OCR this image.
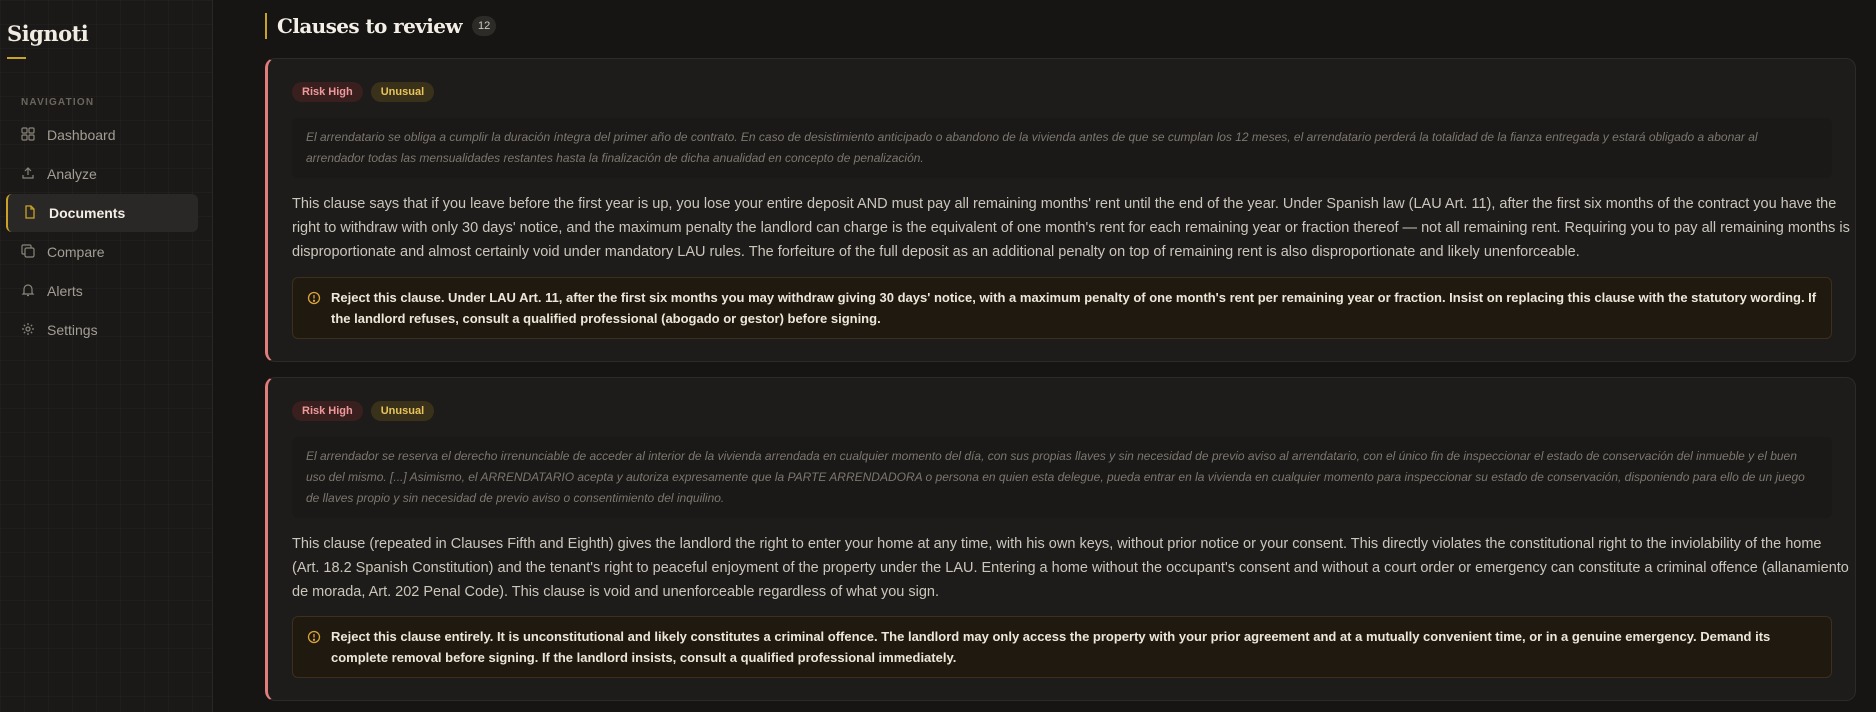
Signoti
NAVIGATION
Dashboard
Analyze
Documents
Compare
Alerts
Settings
Clauses to review	12
Risk High	Unusual
El arrendatario se obliga a cumplir la duración íntegra del primer año de contrato. En caso de desistimiento anticipado o abandono de la vivienda antes de que se cumplan los 12 meses, el arrendatario perderá la totalidad de la fianza entregada y estará obligado a abonar al arrendador todas las mensualidades restantes hasta la finalización de dicha anualidad en concepto de penalización.
This clause says that if you leave before the first year is up, you lose your entire deposit AND must pay all remaining months' rent until the end of the year. Under Spanish law (LAU Art. 11), after the first six months of the contract you have the right to withdraw with only 30 days' notice, and the maximum penalty the landlord can charge is the equivalent of one month's rent for each remaining year or fraction thereof — not all remaining rent. Requiring you to pay all remaining months is disproportionate and almost certainly void under mandatory LAU rules. The forfeiture of the full deposit as an additional penalty on top of remaining rent is also disproportionate and likely unenforceable.
Reject this clause. Under LAU Art. 11, after the first six months you may withdraw giving 30 days' notice, with a maximum penalty of one month's rent per remaining year or fraction. Insist on replacing this clause with the statutory wording. If the landlord refuses, consult a qualified professional (abogado or gestor) before signing.
Risk High	Unusual
El arrendador se reserva el derecho irrenunciable de acceder al interior de la vivienda arrendada en cualquier momento del día, con sus propias llaves y sin necesidad de previo aviso al arrendatario, con el único fin de inspeccionar el estado de conservación del inmueble y el buen uso del mismo. [...] Asimismo, el ARRENDATARIO acepta y autoriza expresamente que la PARTE ARRENDADORA o persona en quien esta delegue, pueda entrar en la vivienda en cualquier momento para inspeccionar su estado de conservación, disponiendo para ello de un juego de llaves propio y sin necesidad de previo aviso o consentimiento del inquilino.
This clause (repeated in Clauses Fifth and Eighth) gives the landlord the right to enter your home at any time, with his own keys, without prior notice or your consent. This directly violates the constitutional right to the inviolability of the home (Art. 18.2 Spanish Constitution) and the tenant's right to peaceful enjoyment of the property under the LAU. Entering a home without the occupant's consent and without a court order or emergency can constitute a criminal offence (allanamiento de morada, Art. 202 Penal Code). This clause is void and unenforceable regardless of what you sign.
Reject this clause entirely. It is unconstitutional and likely constitutes a criminal offence. The landlord may only access the property with your prior agreement and at a mutually convenient time, or in a genuine emergency. Demand its complete removal before signing. If the landlord insists, consult a qualified professional immediately.
